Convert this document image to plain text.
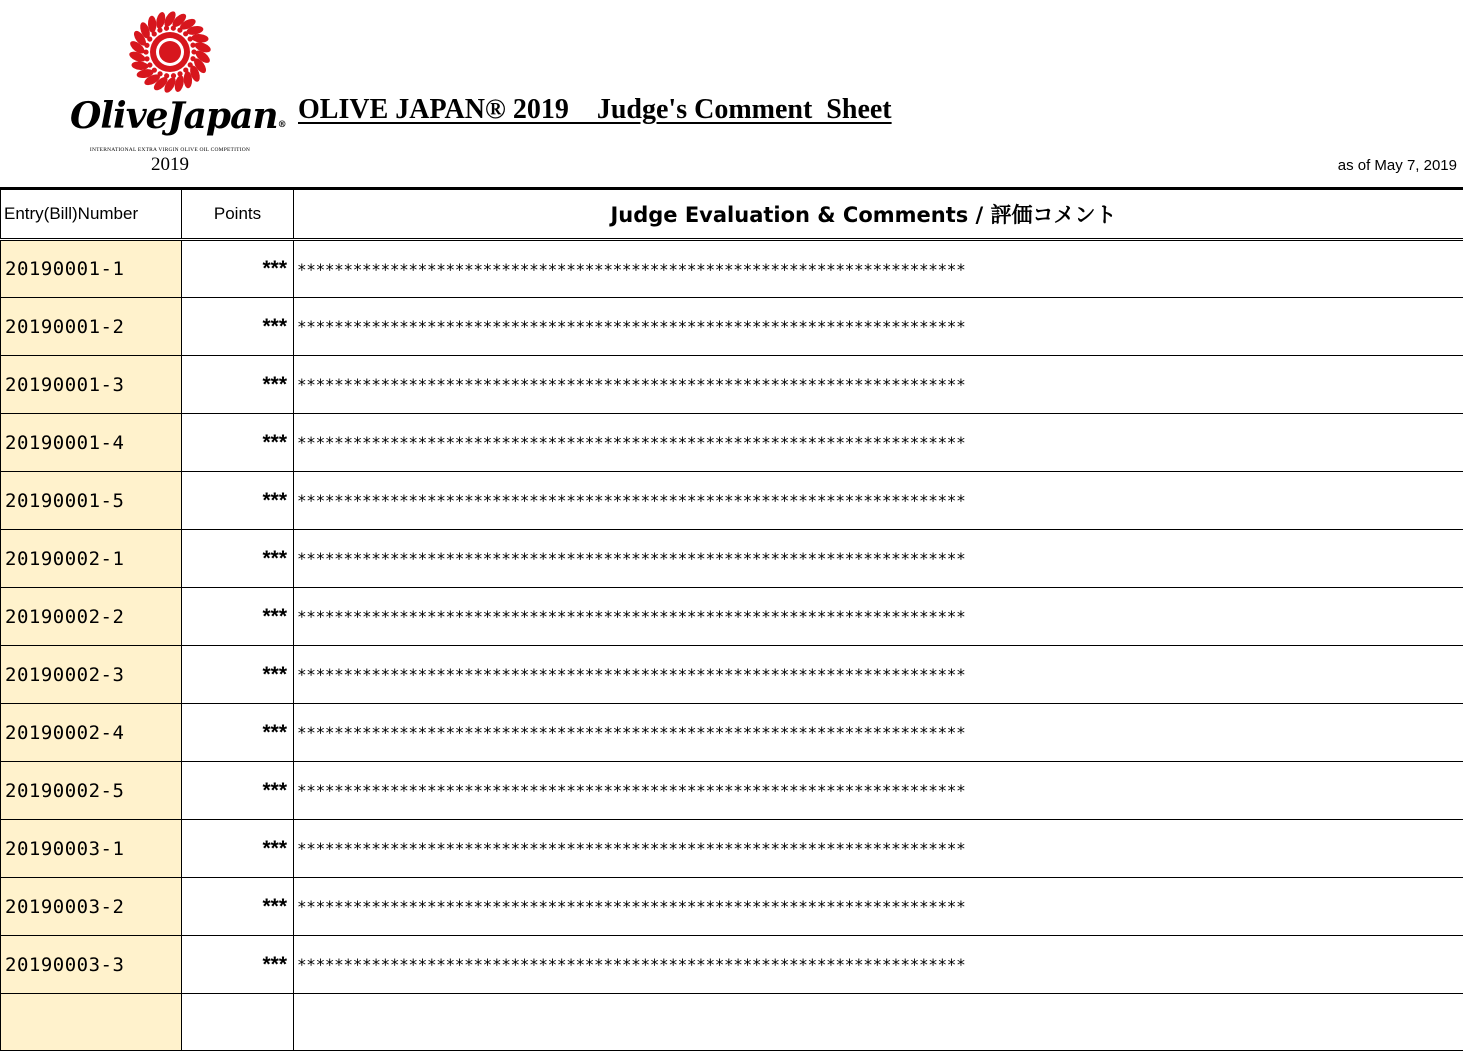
OliveJapan®
INTERNATIONAL EXTRA VIRGIN OLIVE OIL COMPETITION
2019
OLIVE JAPAN® 2019    Judge's Comment  Sheet
as of May 7, 2019
Entry(Bill)Number	Points	Judge Evaluation & Comments / 評価コメント
20190001-1	***	************************************************************************
20190001-2	***	************************************************************************
20190001-3	***	************************************************************************
20190001-4	***	************************************************************************
20190001-5	***	************************************************************************
20190002-1	***	************************************************************************
20190002-2	***	************************************************************************
20190002-3	***	************************************************************************
20190002-4	***	************************************************************************
20190002-5	***	************************************************************************
20190003-1	***	************************************************************************
20190003-2	***	************************************************************************
20190003-3	***	************************************************************************
